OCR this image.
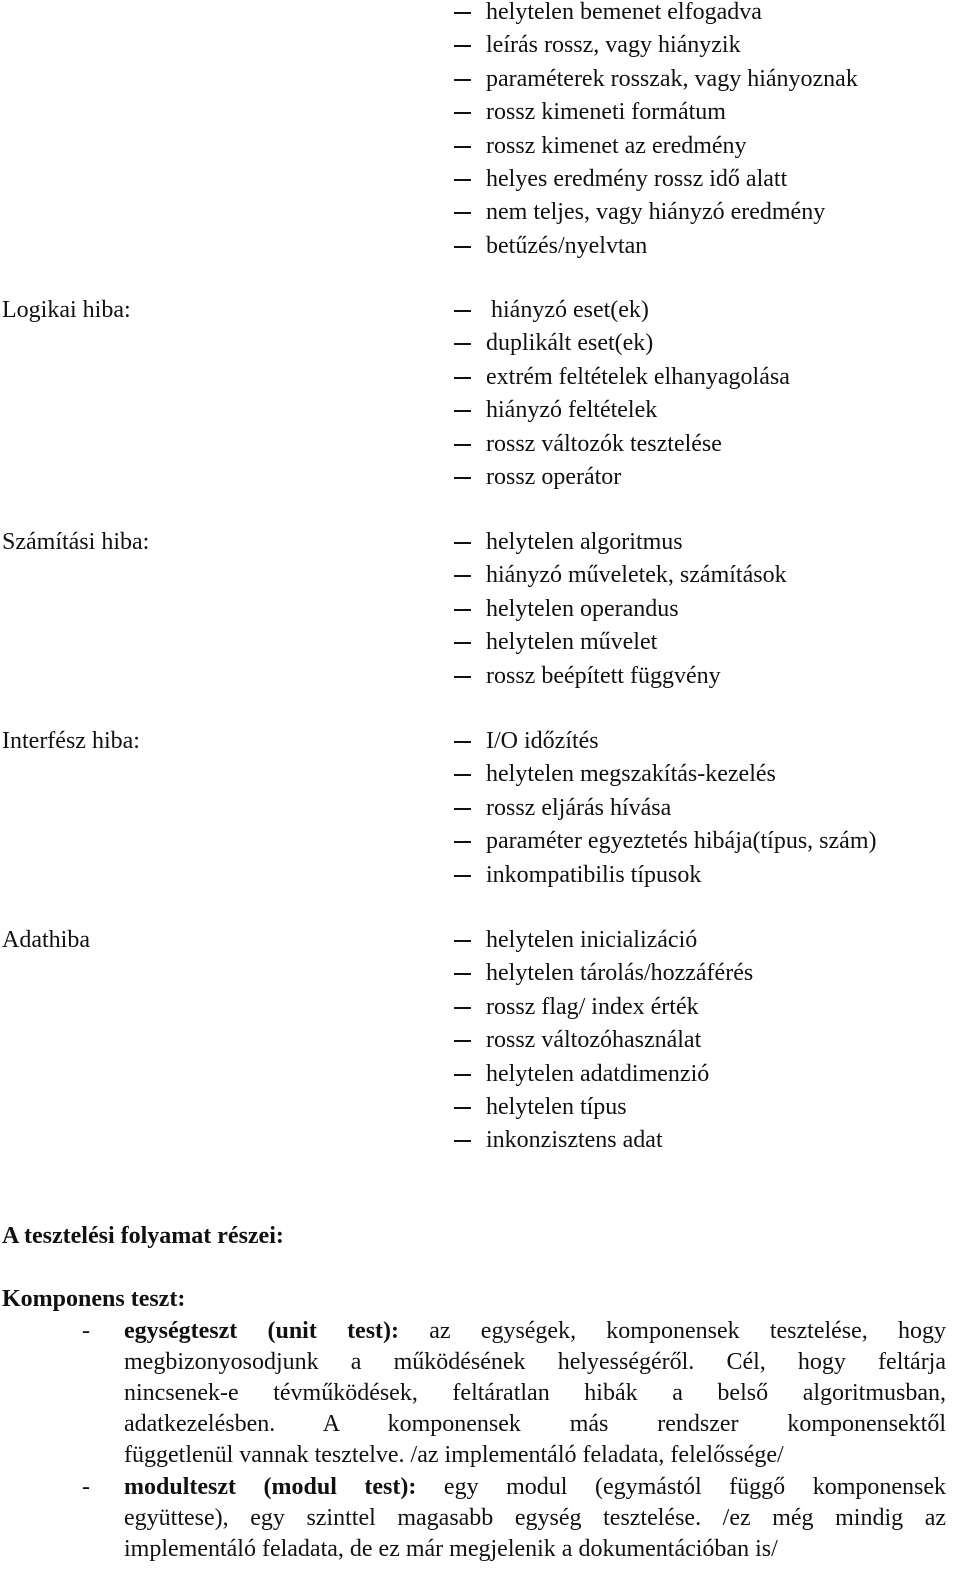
helytelen bemenet elfogadva
leírás rossz, vagy hiányzik
paraméterek rosszak, vagy hiányoznak
rossz kimeneti formátum
rossz kimenet az eredmény
helyes eredmény rossz idő alatt
nem teljes, vagy hiányzó eredmény
betűzés/nyelvtan
Logikai hiba:	hiányzó eset(ek)
duplikált eset(ek)
extrém feltételek elhanyagolása
hiányzó feltételek
rossz változók tesztelése
rossz operátor
Számítási hiba:	helytelen algoritmus
hiányzó műveletek, számítások
helytelen operandus
helytelen művelet
rossz beépített függvény
Interfész hiba:	I/O időzítés
helytelen megszakítás-kezelés
rossz eljárás hívása
paraméter egyeztetés hibája(típus, szám)
inkompatibilis típusok
Adathiba	helytelen inicializáció
helytelen tárolás/hozzáférés
rossz flag/ index érték
rossz változóhasználat
helytelen adatdimenzió
helytelen típus
inkonzisztens adat
A tesztelési folyamat részei:
Komponens teszt:
- egységteszt (unit test): az egységek, komponensek tesztelése, hogy
megbizonyosodjunk a működésének helyességéről. Cél, hogy feltárja
nincsenek-e tévműködések, feltáratlan hibák a belső algoritmusban,
adatkezelésben. A komponensek más rendszer komponensektől
függetlenül vannak tesztelve. /az implementáló feladata, felelőssége/
- modulteszt (modul test): egy modul (egymástól függő komponensek
együttese), egy szinttel magasabb egység tesztelése. /ez még mindig az
implementáló feladata, de ez már megjelenik a dokumentációban is/
